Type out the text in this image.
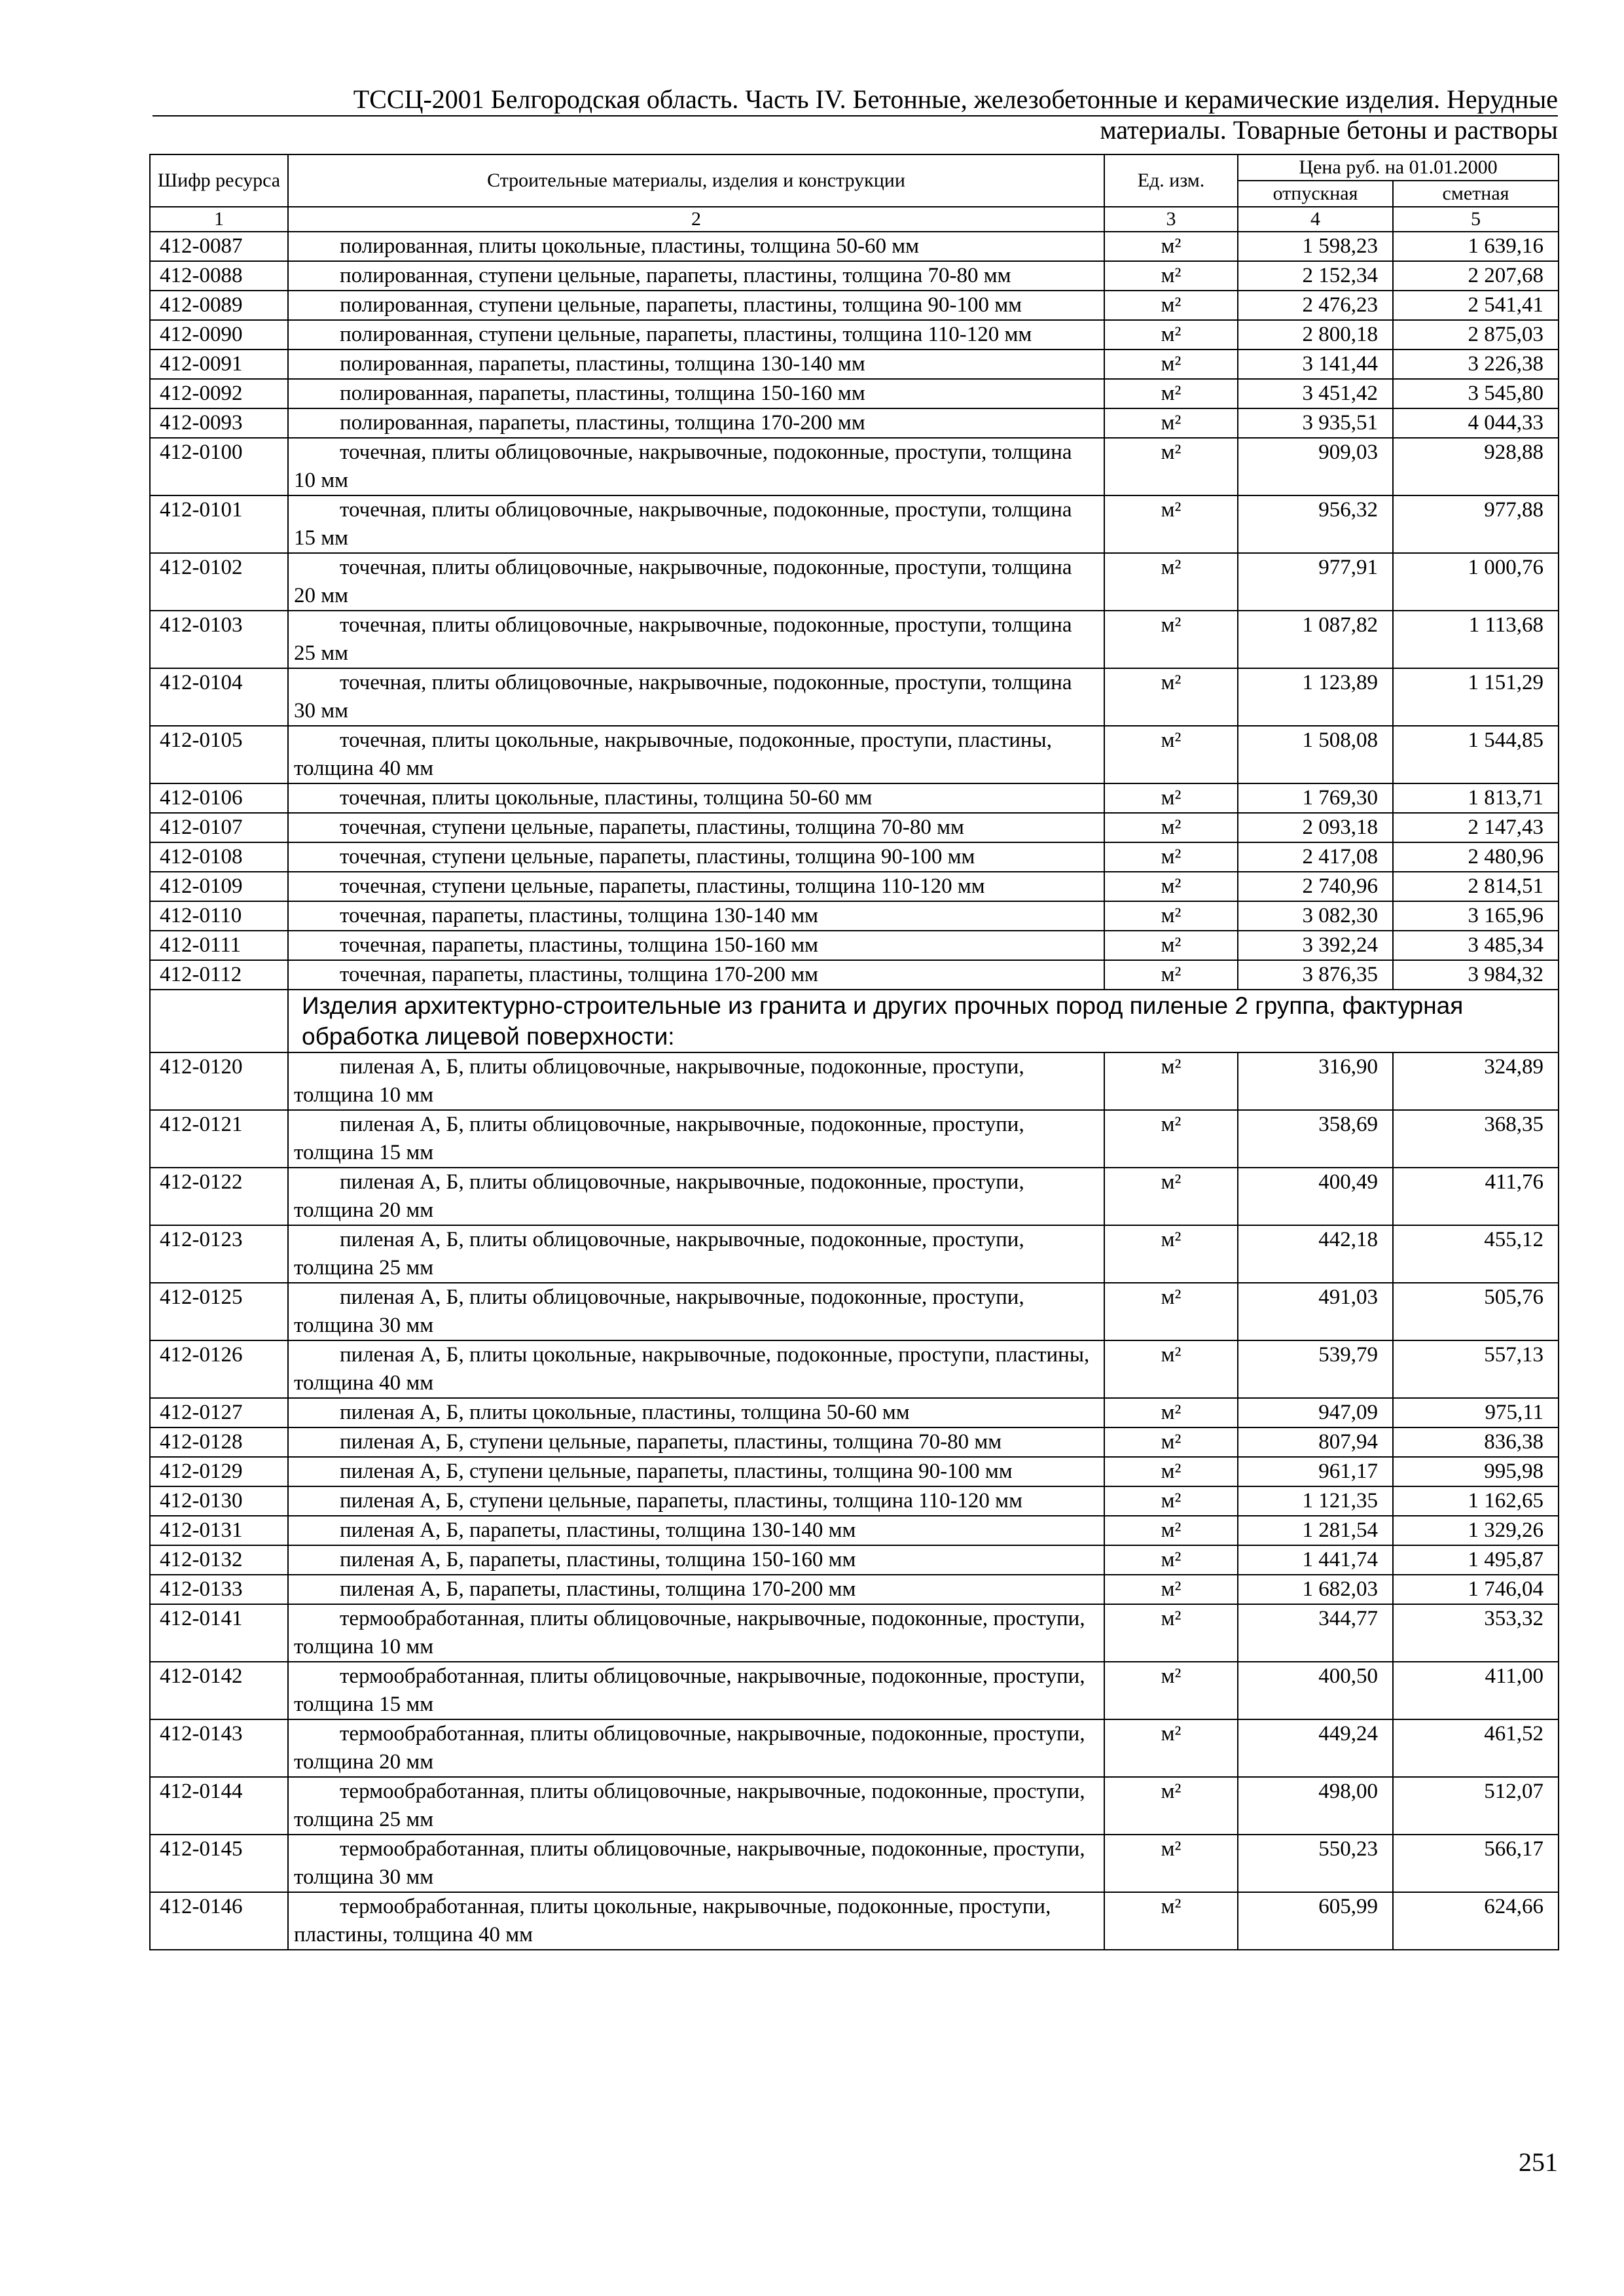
ТССЦ-2001 Белгородская область. Часть IV. Бетонные, железобетонные и керамические изделия. Нерудные
материалы. Товарные бетоны и растворы
Шифр ресурса	Строительные материалы, изделия и конструкции	Ед. изм.	Цена руб. на 01.01.2000	
			отпускная	сметная
1	2	3	4	5
412-0087	полированная, плиты цокольные, пластины, толщина 50-60 мм	м²	1 598,23	1 639,16
412-0088	полированная, ступени цельные, парапеты, пластины, толщина 70-80 мм	м²	2 152,34	2 207,68
412-0089	полированная, ступени цельные, парапеты, пластины, толщина 90-100 мм	м²	2 476,23	2 541,41
412-0090	полированная, ступени цельные, парапеты, пластины, толщина 110-120 мм	м²	2 800,18	2 875,03
412-0091	полированная, парапеты, пластины, толщина 130-140 мм	м²	3 141,44	3 226,38
412-0092	полированная, парапеты, пластины, толщина 150-160 мм	м²	3 451,42	3 545,80
412-0093	полированная, парапеты, пластины, толщина 170-200 мм	м²	3 935,51	4 044,33
412-0100	точечная, плиты облицовочные, накрывочные, подоконные, проступи, толщина 10 мм	м²	909,03	928,88
412-0101	точечная, плиты облицовочные, накрывочные, подоконные, проступи, толщина 15 мм	м²	956,32	977,88
412-0102	точечная, плиты облицовочные, накрывочные, подоконные, проступи, толщина 20 мм	м²	977,91	1 000,76
412-0103	точечная, плиты облицовочные, накрывочные, подоконные, проступи, толщина 25 мм	м²	1 087,82	1 113,68
412-0104	точечная, плиты облицовочные, накрывочные, подоконные, проступи, толщина 30 мм	м²	1 123,89	1 151,29
412-0105	точечная, плиты цокольные, накрывочные, подоконные, проступи, пластины, толщина 40 мм	м²	1 508,08	1 544,85
412-0106	точечная, плиты цокольные, пластины, толщина 50-60 мм	м²	1 769,30	1 813,71
412-0107	точечная, ступени цельные, парапеты, пластины, толщина 70-80 мм	м²	2 093,18	2 147,43
412-0108	точечная, ступени цельные, парапеты, пластины, толщина 90-100 мм	м²	2 417,08	2 480,96
412-0109	точечная, ступени цельные, парапеты, пластины, толщина 110-120 мм	м²	2 740,96	2 814,51
412-0110	точечная, парапеты, пластины, толщина 130-140 мм	м²	3 082,30	3 165,96
412-0111	точечная, парапеты, пластины, толщина 150-160 мм	м²	3 392,24	3 485,34
412-0112	точечная, парапеты, пластины, толщина 170-200 мм	м²	3 876,35	3 984,32
	Изделия архитектурно-строительные из гранита и других прочных пород пиленые 2 группа, фактурная обработка лицевой поверхности:			
412-0120	пиленая А, Б, плиты облицовочные, накрывочные, подоконные, проступи, толщина 10 мм	м²	316,90	324,89
412-0121	пиленая А, Б, плиты облицовочные, накрывочные, подоконные, проступи, толщина 15 мм	м²	358,69	368,35
412-0122	пиленая А, Б, плиты облицовочные, накрывочные, подоконные, проступи, толщина 20 мм	м²	400,49	411,76
412-0123	пиленая А, Б, плиты облицовочные, накрывочные, подоконные, проступи, толщина 25 мм	м²	442,18	455,12
412-0125	пиленая А, Б, плиты облицовочные, накрывочные, подоконные, проступи, толщина 30 мм	м²	491,03	505,76
412-0126	пиленая А, Б, плиты цокольные, накрывочные, подоконные, проступи, пластины, толщина 40 мм	м²	539,79	557,13
412-0127	пиленая А, Б, плиты цокольные, пластины, толщина 50-60 мм	м²	947,09	975,11
412-0128	пиленая А, Б, ступени цельные, парапеты, пластины, толщина 70-80 мм	м²	807,94	836,38
412-0129	пиленая А, Б, ступени цельные, парапеты, пластины, толщина 90-100 мм	м²	961,17	995,98
412-0130	пиленая А, Б, ступени цельные, парапеты, пластины, толщина 110-120 мм	м²	1 121,35	1 162,65
412-0131	пиленая А, Б, парапеты, пластины, толщина 130-140 мм	м²	1 281,54	1 329,26
412-0132	пиленая А, Б, парапеты, пластины, толщина 150-160 мм	м²	1 441,74	1 495,87
412-0133	пиленая А, Б, парапеты, пластины, толщина 170-200 мм	м²	1 682,03	1 746,04
412-0141	термообработанная, плиты облицовочные, накрывочные, подоконные, проступи, толщина 10 мм	м²	344,77	353,32
412-0142	термообработанная, плиты облицовочные, накрывочные, подоконные, проступи, толщина 15 мм	м²	400,50	411,00
412-0143	термообработанная, плиты облицовочные, накрывочные, подоконные, проступи, толщина 20 мм	м²	449,24	461,52
412-0144	термообработанная, плиты облицовочные, накрывочные, подоконные, проступи, толщина 25 мм	м²	498,00	512,07
412-0145	термообработанная, плиты облицовочные, накрывочные, подоконные, проступи, толщина 30 мм	м²	550,23	566,17
412-0146	термообработанная, плиты цокольные, накрывочные, подоконные, проступи, пластины, толщина 40 мм	м²	605,99	624,66
251
